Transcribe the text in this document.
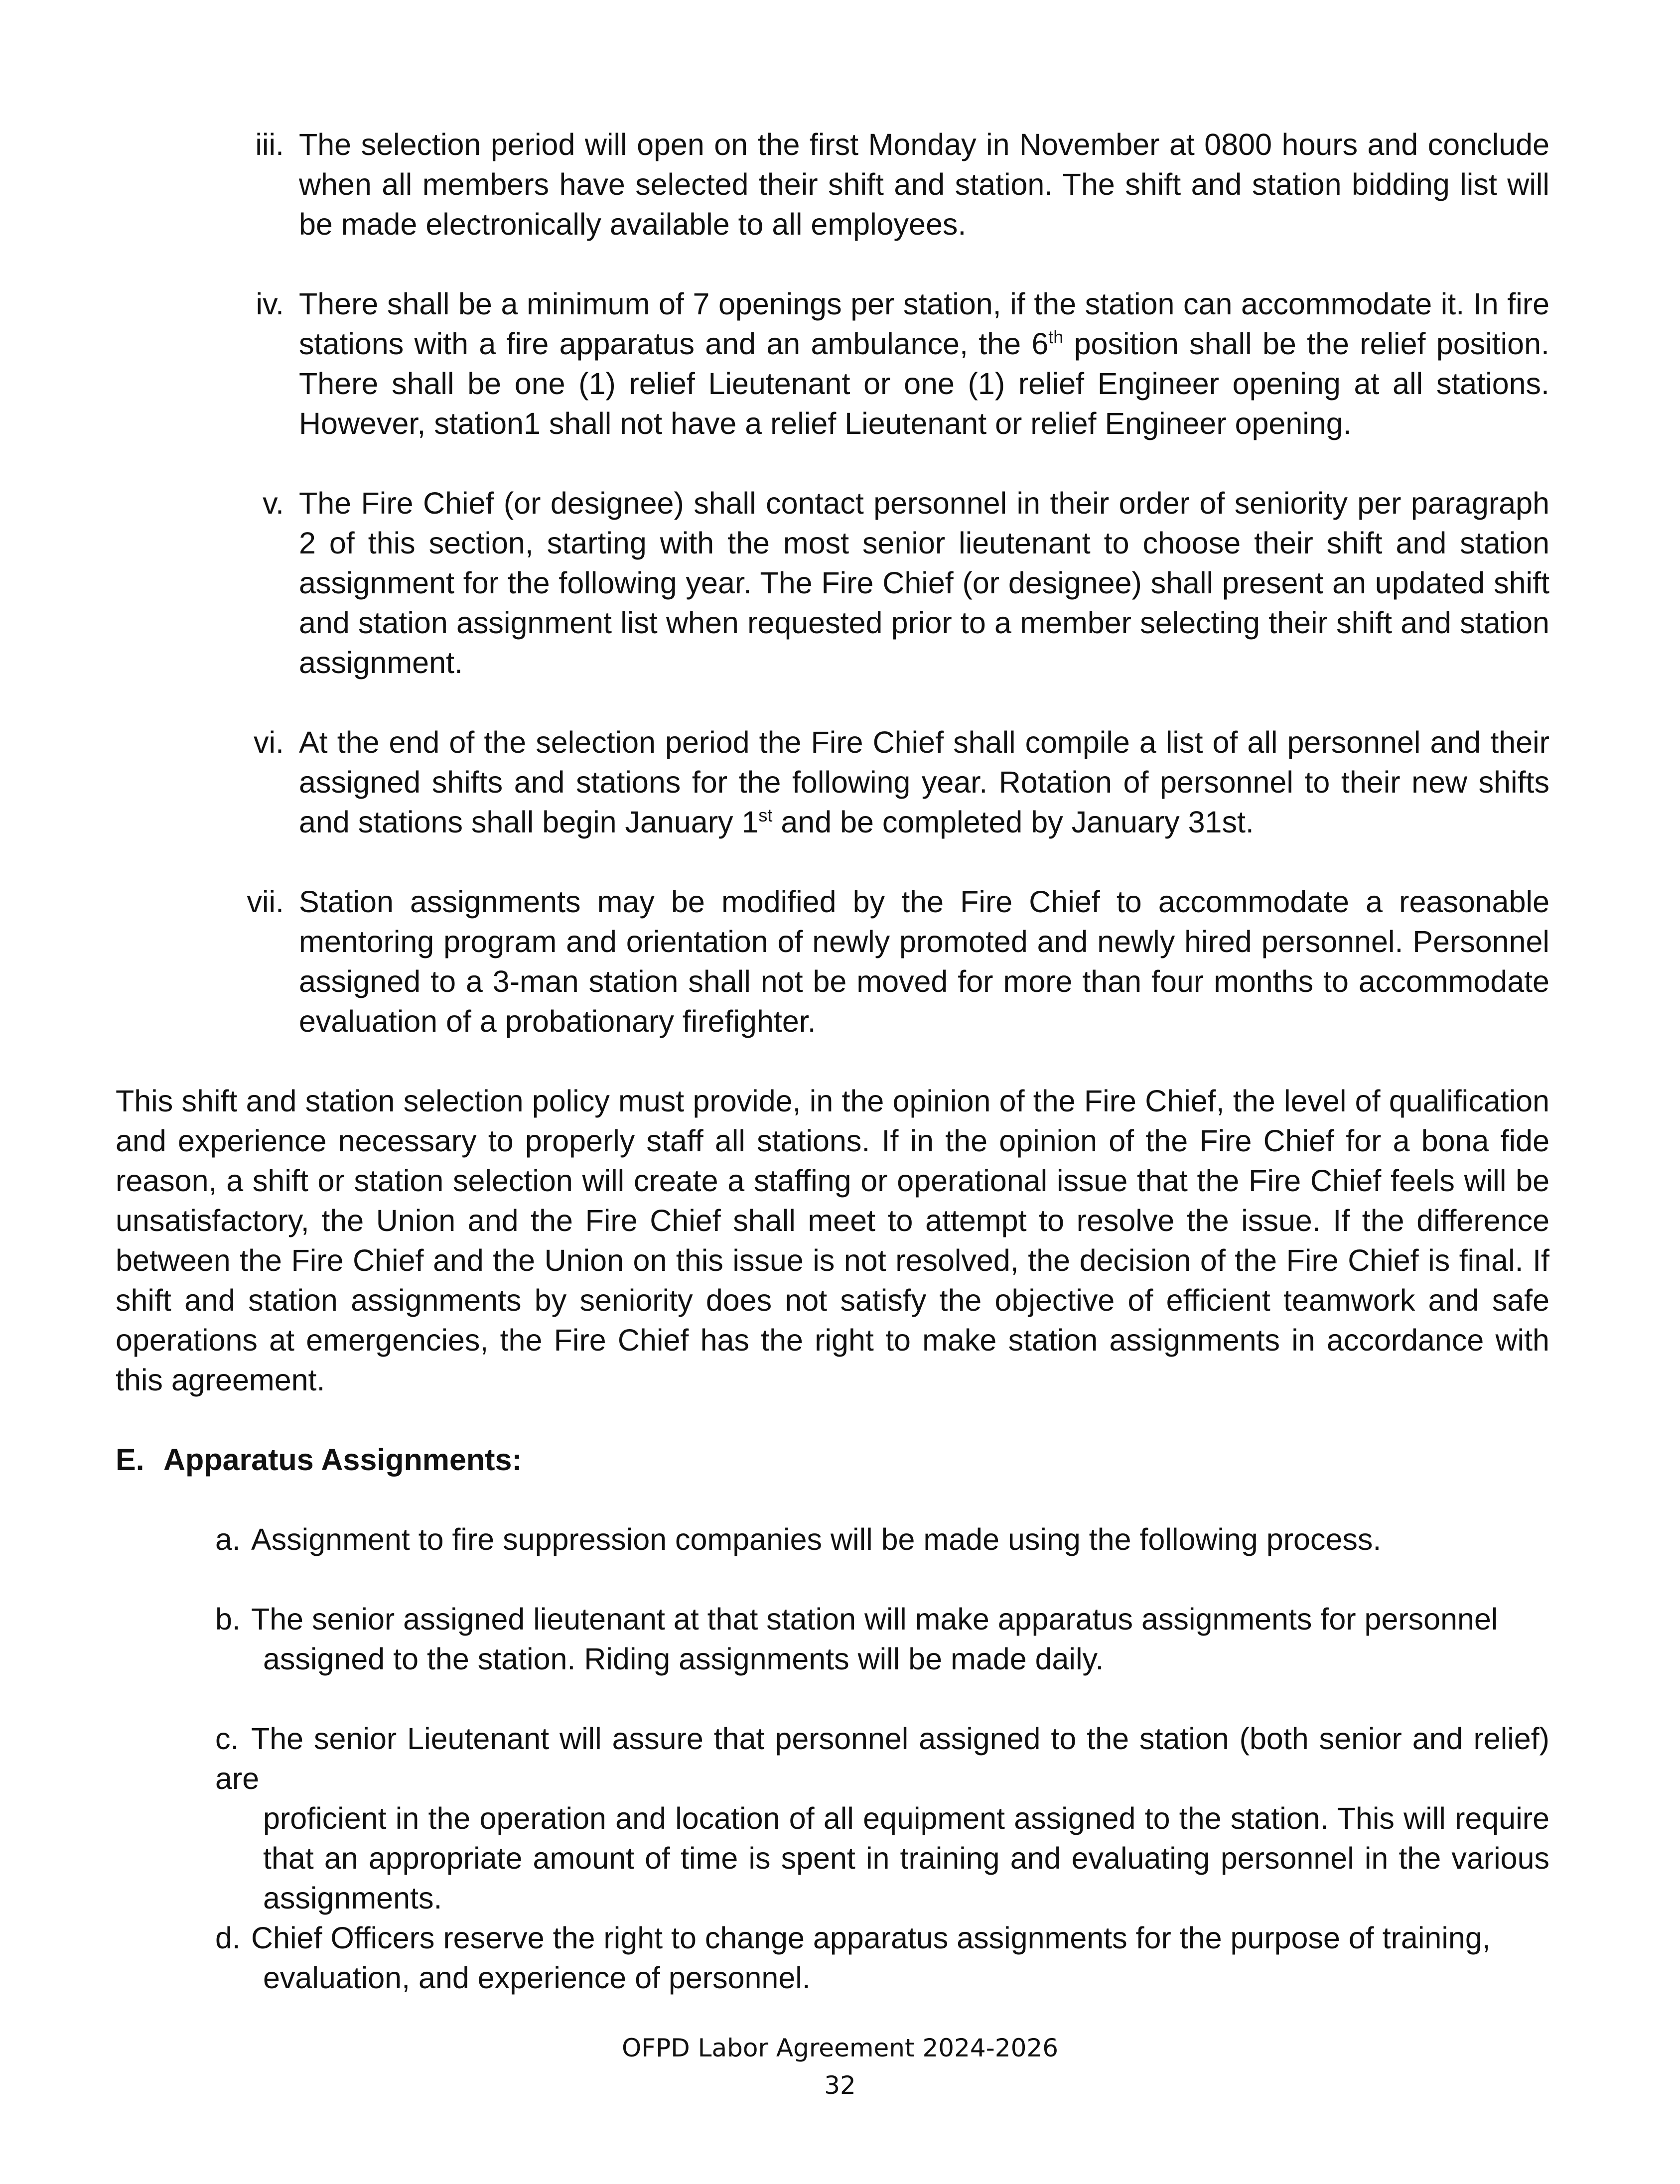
iii. The selection period will open on the first Monday in November at 0800 hours and conclude when all members have selected their shift and station. The shift and station bidding list will be made electronically available to all employees.
iv. There shall be a minimum of 7 openings per station, if the station can accommodate it. In fire stations with a fire apparatus and an ambulance, the 6th position shall be the relief position. There shall be one (1) relief Lieutenant or one (1) relief Engineer opening at all stations. However, station1 shall not have a relief Lieutenant or relief Engineer opening.
v. The Fire Chief (or designee) shall contact personnel in their order of seniority per paragraph 2 of this section, starting with the most senior lieutenant to choose their shift and station assignment for the following year. The Fire Chief (or designee) shall present an updated shift and station assignment list when requested prior to a member selecting their shift and station assignment.
vi. At the end of the selection period the Fire Chief shall compile a list of all personnel and their assigned shifts and stations for the following year. Rotation of personnel to their new shifts and stations shall begin January 1st and be completed by January 31st.
vii. Station assignments may be modified by the Fire Chief to accommodate a reasonable mentoring program and orientation of newly promoted and newly hired personnel. Personnel assigned to a 3-man station shall not be moved for more than four months to accommodate evaluation of a probationary firefighter.
This shift and station selection policy must provide, in the opinion of the Fire Chief, the level of qualification and experience necessary to properly staff all stations. If in the opinion of the Fire Chief for a bona fide reason, a shift or station selection will create a staffing or operational issue that the Fire Chief feels will be unsatisfactory, the Union and the Fire Chief shall meet to attempt to resolve the issue. If the difference between the Fire Chief and the Union on this issue is not resolved, the decision of the Fire Chief is final. If shift and station assignments by seniority does not satisfy the objective of efficient teamwork and safe operations at emergencies, the Fire Chief has the right to make station assignments in accordance with this agreement.
E. Apparatus Assignments:
a. Assignment to fire suppression companies will be made using the following process.
b. The senior assigned lieutenant at that station will make apparatus assignments for personnel
assigned to the station. Riding assignments will be made daily.
c. The senior Lieutenant will assure that personnel assigned to the station (both senior and relief) are
proficient in the operation and location of all equipment assigned to the station. This will require that an appropriate amount of time is spent in training and evaluating personnel in the various assignments.
d. Chief Officers reserve the right to change apparatus assignments for the purpose of training,
evaluation, and experience of personnel.
OFPD Labor Agreement 2024-2026
32
